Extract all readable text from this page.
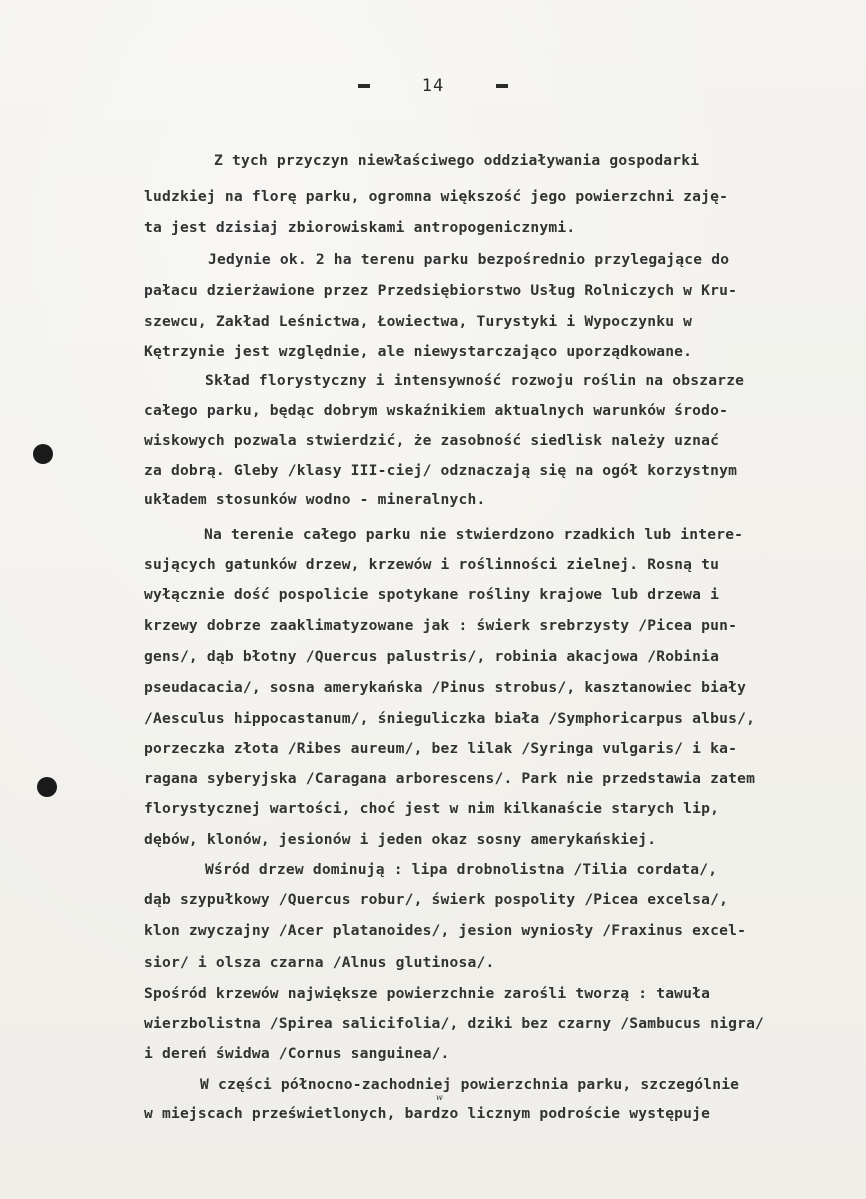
14
Z tych przyczyn niewłaściwego oddziaływania gospodarki
ludzkiej na florę parku, ogromna większość jego powierzchni zaję-
ta jest dzisiaj zbiorowiskami antropogenicznymi.
Jedynie ok. 2 ha terenu parku bezpośrednio przylegające do
pałacu dzierżawione przez Przedsiębiorstwo Usług Rolniczych w Kru-
szewcu, Zakład Leśnictwa, Łowiectwa, Turystyki i Wypoczynku w
Kętrzynie jest względnie, ale niewystarczająco uporządkowane.
Skład florystyczny i intensywność rozwoju roślin na obszarze
całego parku, będąc dobrym wskaźnikiem aktualnych warunków środo-
wiskowych pozwala stwierdzić, że zasobność siedlisk należy uznać
za dobrą. Gleby /klasy III-ciej/ odznaczają się na ogół korzystnym
układem stosunków wodno - mineralnych.
Na terenie całego parku nie stwierdzono rzadkich lub intere-
sujących gatunków drzew, krzewów i roślinności zielnej. Rosną tu
wyłącznie dość pospolicie spotykane rośliny krajowe lub drzewa i
krzewy dobrze zaaklimatyzowane jak : świerk srebrzysty /Picea pun-
gens/, dąb błotny /Quercus palustris/, robinia akacjowa /Robinia
pseudacacia/, sosna amerykańska /Pinus strobus/, kasztanowiec biały
/Aesculus hippocastanum/, śnieguliczka biała /Symphoricarpus albus/,
porzeczka złota /Ribes aureum/, bez lilak /Syringa vulgaris/ i ka-
ragana syberyjska /Caragana arborescens/. Park nie przedstawia zatem
florystycznej wartości, choć jest w nim kilkanaście starych lip,
dębów, klonów, jesionów i jeden okaz sosny amerykańskiej.
Wśród drzew dominują : lipa drobnolistna /Tilia cordata/,
dąb szypułkowy /Quercus robur/, świerk pospolity /Picea excelsa/,
klon zwyczajny /Acer platanoides/, jesion wyniosły /Fraxinus excel-
sior/ i olsza czarna /Alnus glutinosa/.
Spośród krzewów największe powierzchnie zarośli tworzą : tawuła
wierzbolistna /Spirea salicifolia/, dziki bez czarny /Sambucus nigra/
i dereń świdwa /Cornus sanguinea/.
W części północno-zachodniej powierzchnia parku, szczególnie
w miejscach prześwietlonych, bardzo licznym podroście występuje
w
